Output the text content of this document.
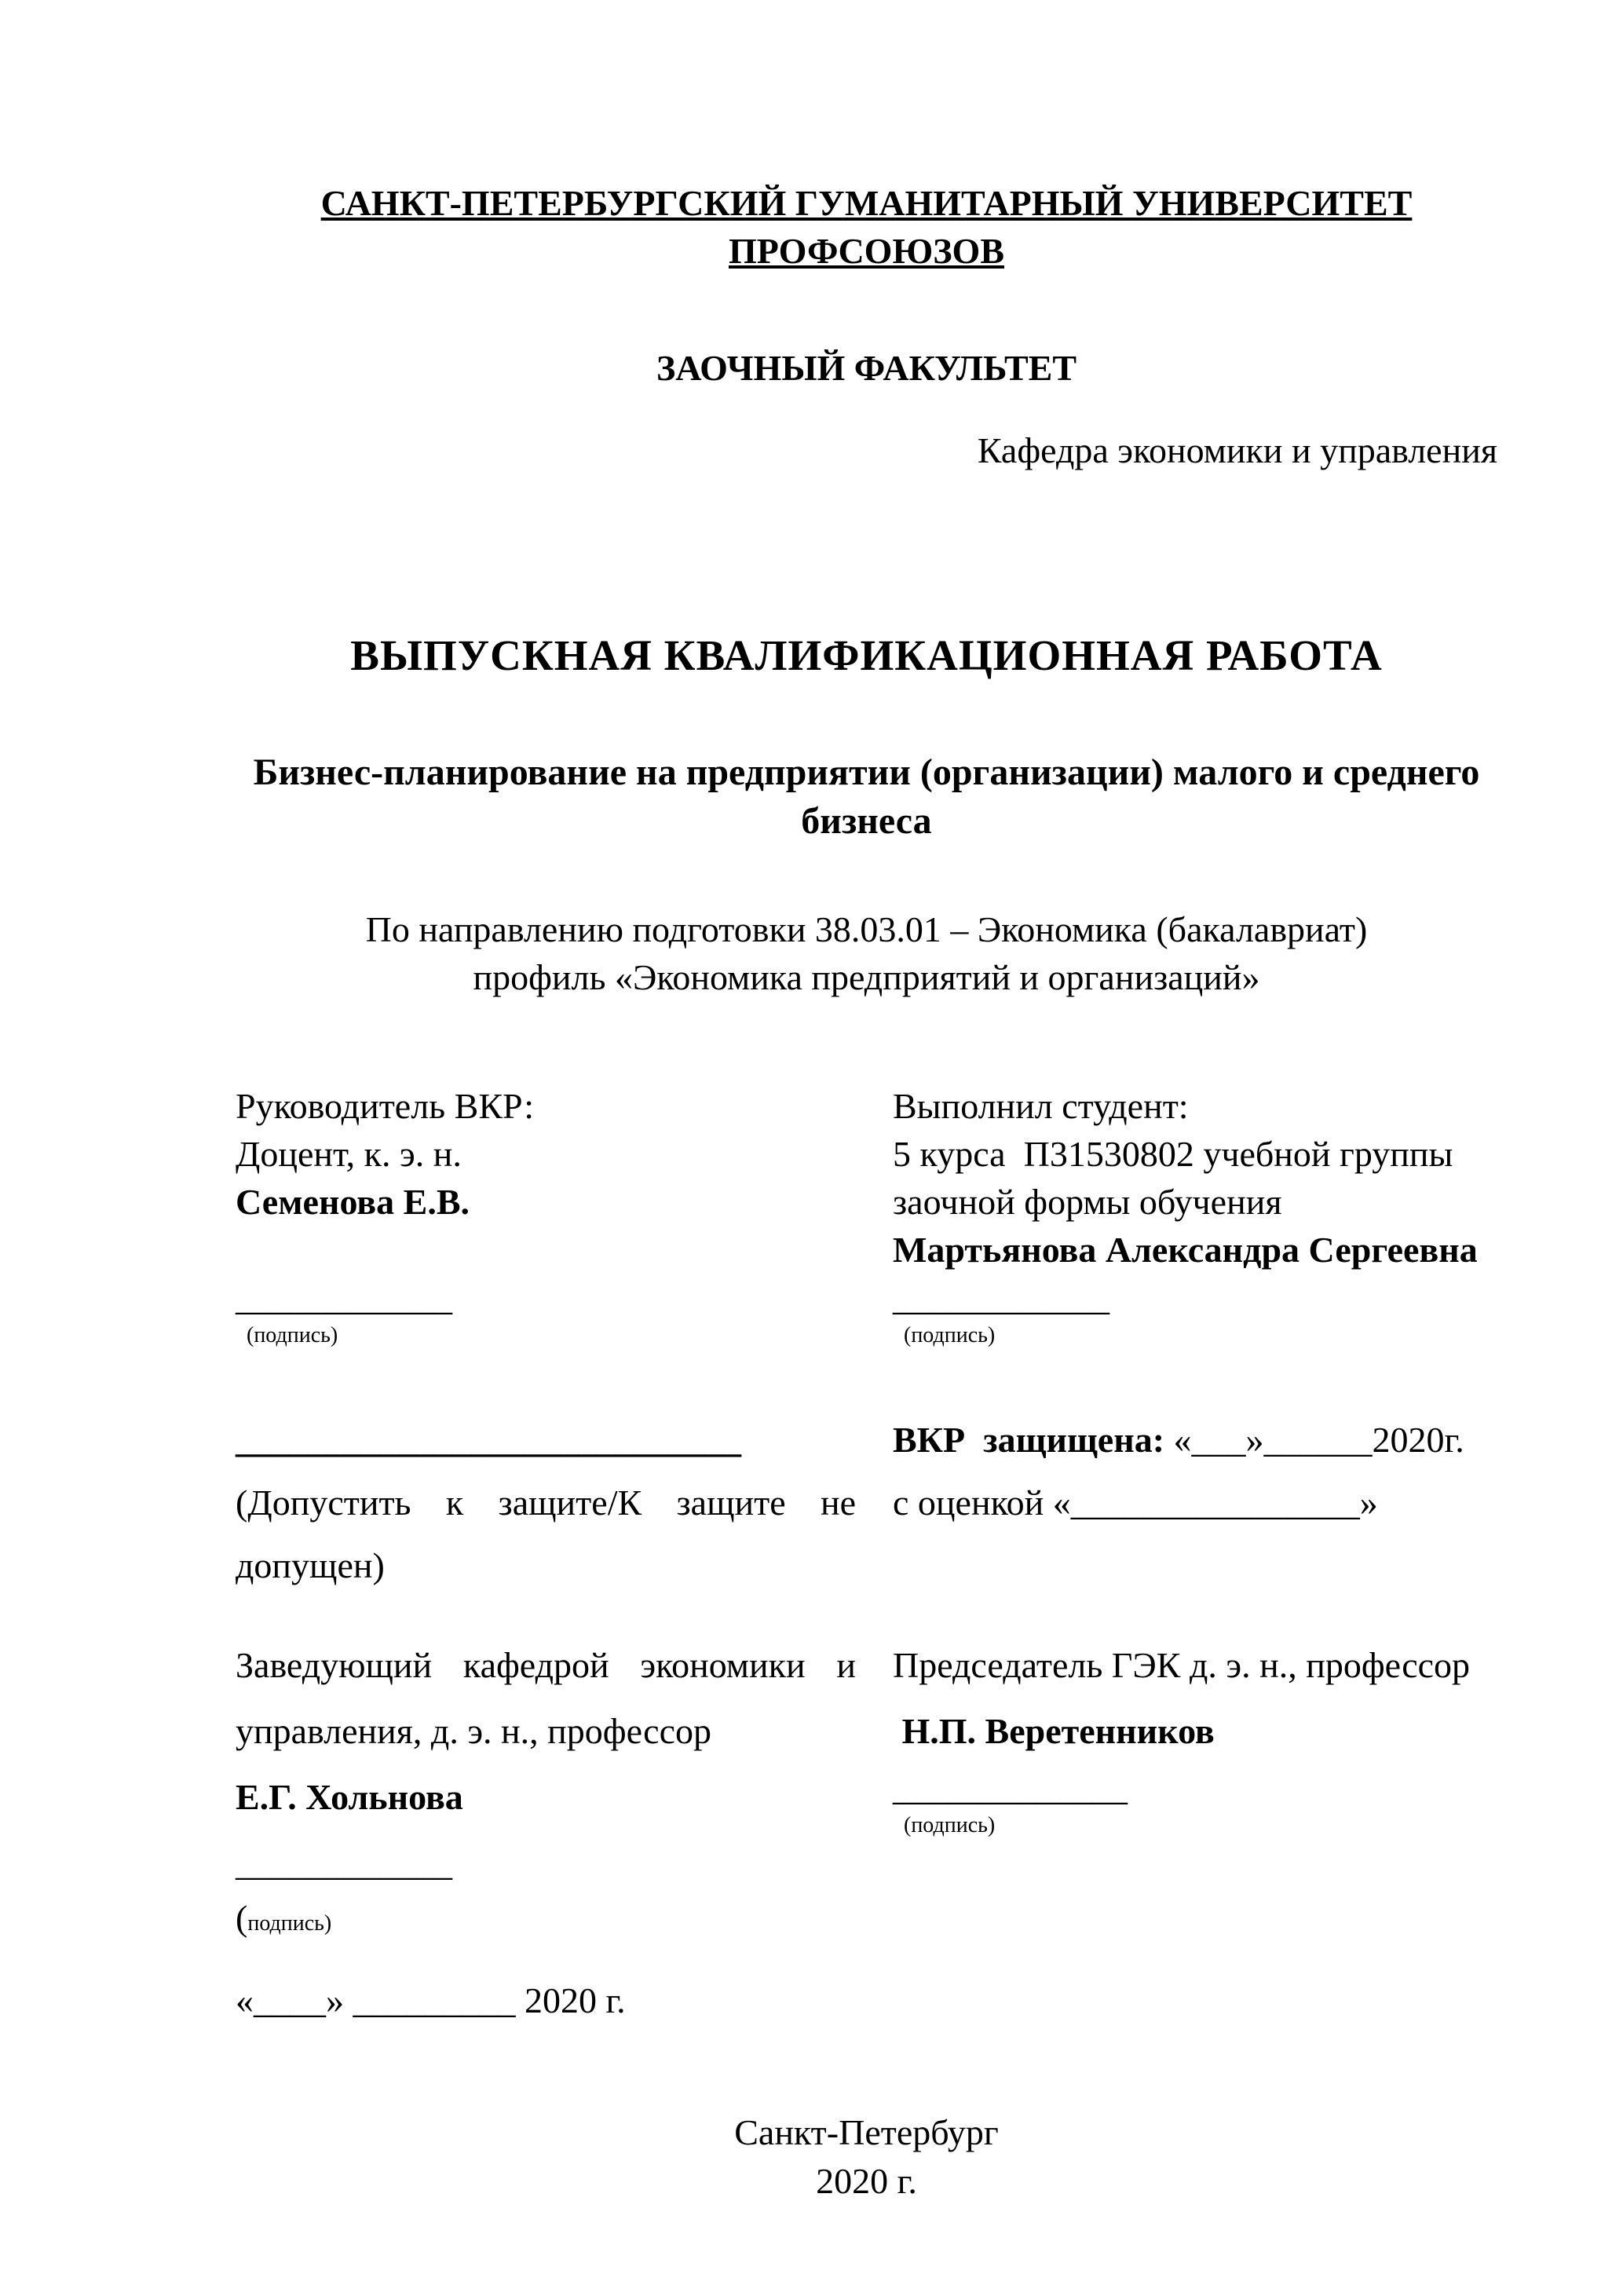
САНКТ-ПЕТЕРБУРГСКИЙ ГУМАНИТАРНЫЙ УНИВЕРСИТЕТ ПРОФСОЮЗОВ
ЗАОЧНЫЙ ФАКУЛЬТЕТ
Кафедра экономики и управления
ВЫПУСКНАЯ КВАЛИФИКАЦИОННАЯ РАБОТА
Бизнес-планирование на предприятии (организации) малого и среднего
бизнеса
По направлению подготовки 38.03.01 – Экономика (бакалавриат)
профиль «Экономика предприятий и организаций»
Руководитель ВКР:
Доцент, к. э. н.
Семенова Е.В.
____________
(подпись)
Выполнил студент:
5 курса  П31530802 учебной группы
заочной формы обучения
Мартьянова Александра Сергеевна
____________
(подпись)
____________________________
(Допустить к защите/К защите не допущен)
ВКР  защищена: «___»______2020г.
с оценкой «________________»
Заведующий кафедрой экономики и управления, д. э. н., профессор
Е.Г. Хольнова
____________
(подпись)
«____» _________ 2020 г.
Председатель ГЭК д. э. н., профессор
Н.П. Веретенников
_____________
(подпись)
Санкт-Петербург
2020 г.
